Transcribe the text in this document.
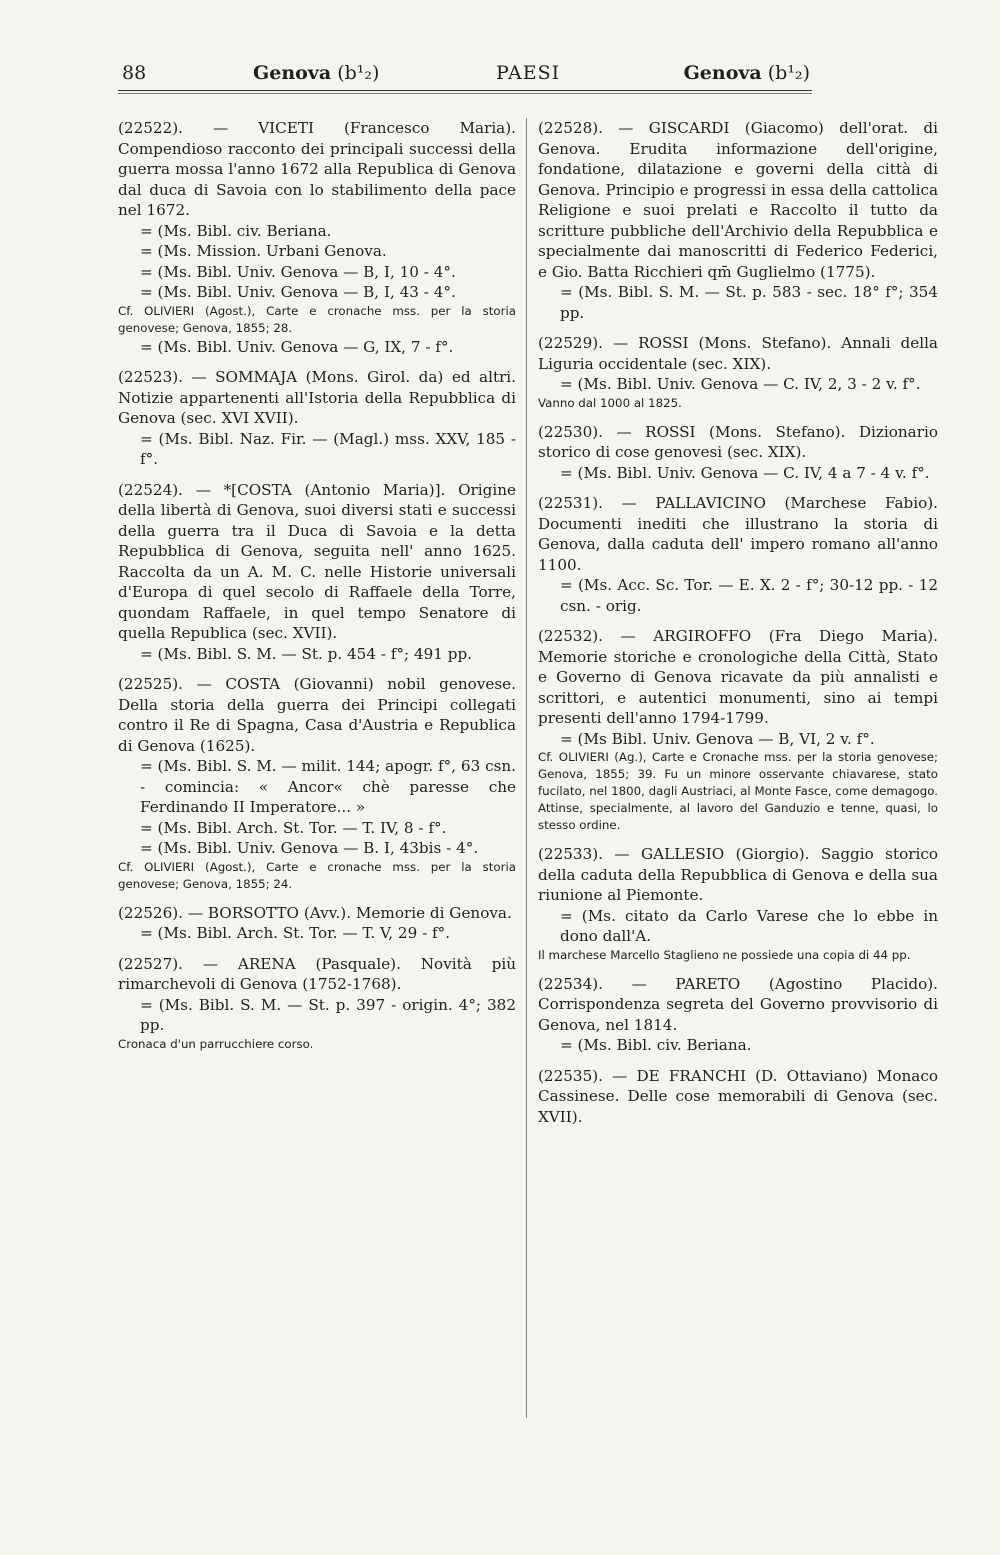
88	Genova (b¹₂)	PAESI	Genova (b¹₂)

(22522). — VICETI (Francesco Maria). Compendioso racconto dei principali successi della guerra mossa l'anno 1672 alla Republica di Genova dal duca di Savoia con lo stabilimento della pace nel 1672.

= (Ms. Bibl. civ. Beriana.

= (Ms. Mission. Urbani Genova.

= (Ms. Bibl. Univ. Genova — B, I, 10 - 4°.

= (Ms. Bibl. Univ. Genova — B, I, 43 - 4°.

Cf. OLIVIERI (Agost.), Carte e cronache mss. per la storia genovese; Genova, 1855; 28.

= (Ms. Bibl. Univ. Genova — G, IX, 7 - f°.

(22523). — SOMMAJA (Mons. Girol. da) ed altri. Notizie appartenenti all'Istoria della Repubblica di Genova (sec. XVI XVII).

= (Ms. Bibl. Naz. Fir. — (Magl.) mss. XXV, 185 - f°.

(22524). — *[COSTA (Antonio Maria)]. Origine della libertà di Genova, suoi diversi stati e successi della guerra tra il Duca di Savoia e la detta Repubblica di Genova, seguita nell' anno 1625. Raccolta da un A. M. C. nelle Historie universali d'Europa di quel secolo di Raffaele della Torre, quondam Raffaele, in quel tempo Senatore di quella Republica (sec. XVII).

= (Ms. Bibl. S. M. — St. p. 454 - f°; 491 pp.

(22525). — COSTA (Giovanni) nobil genovese. Della storia della guerra dei Principi collegati contro il Re di Spagna, Casa d'Austria e Republica di Genova (1625).

= (Ms. Bibl. S. M. — milit. 144; apogr. f°, 63 csn. - comincia: « Ancor« chè paresse che Ferdinando II Imperatore... »

= (Ms. Bibl. Arch. St. Tor. — T. IV, 8 - f°.

= (Ms. Bibl. Univ. Genova — B. I, 43bis - 4°.

Cf. OLIVIERI (Agost.), Carte e cronache mss. per la storia genovese; Genova, 1855; 24.

(22526). — BORSOTTO (Avv.). Memorie di Genova.

= (Ms. Bibl. Arch. St. Tor. — T. V, 29 - f°.

(22527). — ARENA (Pasquale). Novità più rimarchevoli di Genova (1752-1768).

= (Ms. Bibl. S. M. — St. p. 397 - origin. 4°; 382 pp.

Cronaca d'un parrucchiere corso.

(22528). — GISCARDI (Giacomo) dell'orat. di Genova. Erudita informazione dell'origine, fondatione, dilatazione e governi della città di Genova. Principio e progressi in essa della cattolica Religione e suoi prelati e Raccolto il tutto da scritture pubbliche dell'Archivio della Repubblica e specialmente dai manoscritti di Federico Federici, e Gio. Batta Ricchieri qm̄ Guglielmo (1775).

= (Ms. Bibl. S. M. — St. p. 583 - sec. 18° f°; 354 pp.

(22529). — ROSSI (Mons. Stefano). Annali della Liguria occidentale (sec. XIX).

= (Ms. Bibl. Univ. Genova — C. IV, 2, 3 - 2 v. f°.

Vanno dal 1000 al 1825.

(22530). — ROSSI (Mons. Stefano). Dizionario storico di cose genovesi (sec. XIX).

= (Ms. Bibl. Univ. Genova — C. IV, 4 a 7 - 4 v. f°.

(22531). — PALLAVICINO (Marchese Fabio). Documenti inediti che illustrano la storia di Genova, dalla caduta dell' impero romano all'anno 1100.

= (Ms. Acc. Sc. Tor. — E. X. 2 - f°; 30-12 pp. - 12 csn. - orig.

(22532). — ARGIROFFO (Fra Diego Maria). Memorie storiche e cronologiche della Città, Stato e Governo di Genova ricavate da più annalisti e scrittori, e autentici monumenti, sino ai tempi presenti dell'anno 1794-1799.

= (Ms Bibl. Univ. Genova — B, VI, 2 v. f°.

Cf. OLIVIERI (Ag.), Carte e Cronache mss. per la storia genovese; Genova, 1855; 39. Fu un minore osservante chiavarese, stato fucilato, nel 1800, dagli Austriaci, al Monte Fasce, come demagogo. Attinse, specialmente, al lavoro del Ganduzio e tenne, quasi, lo stesso ordine.

(22533). — GALLESIO (Giorgio). Saggio storico della caduta della Repubblica di Genova e della sua riunione al Piemonte.

= (Ms. citato da Carlo Varese che lo ebbe in dono dall'A.

Il marchese Marcello Staglieno ne possiede una copia di 44 pp.

(22534). — PARETO (Agostino Placido). Corrispondenza segreta del Governo provvisorio di Genova, nel 1814.

= (Ms. Bibl. civ. Beriana.

(22535). — DE FRANCHI (D. Ottaviano) Monaco Cassinese. Delle cose memorabili di Genova (sec. XVII).
